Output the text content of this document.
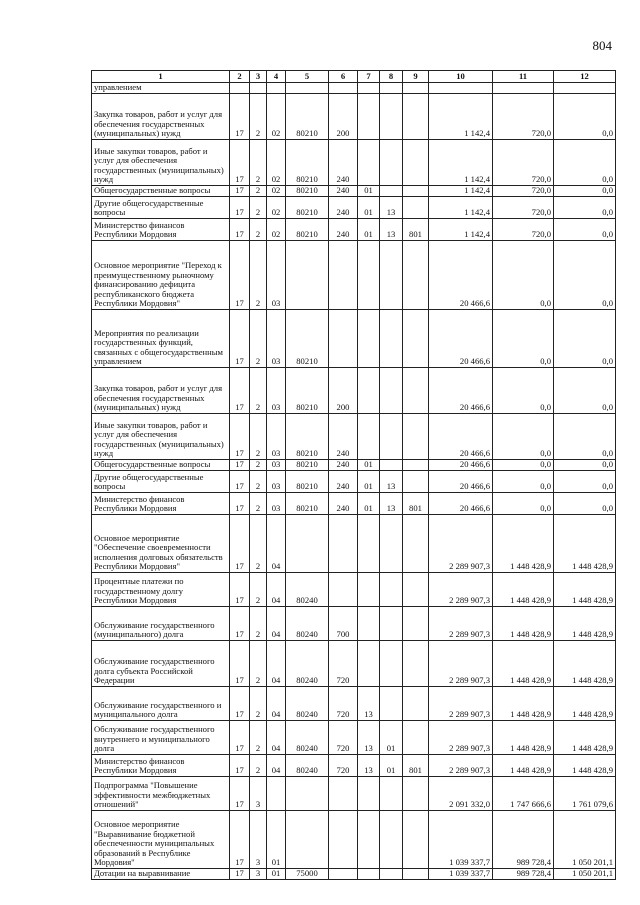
804
1	2	3	4	5	6	7	8	9	10	11	12
управлением											
Закупка товаров, работ и услуг для обеспечения государственных (муниципальных) нужд	17	2	02	80210	200				1 142,4	720,0	0,0
Иные закупки товаров, работ и услуг для обеспечения государственных (муниципальных) нужд	17	2	02	80210	240				1 142,4	720,0	0,0
Общегосударственные вопросы	17	2	02	80210	240	01			1 142,4	720,0	0,0
Другие общегосударственные вопросы	17	2	02	80210	240	01	13		1 142,4	720,0	0,0
Министерство финансов Республики Мордовия	17	2	02	80210	240	01	13	801	1 142,4	720,0	0,0
Основное мероприятие "Переход к преимущественному рыночному финансированию дефицита республиканского бюджета Республики Мордовия"	17	2	03						20 466,6	0,0	0,0
Мероприятия по реализации государственных функций, связанных с общегосударственным управлением	17	2	03	80210					20 466,6	0,0	0,0
Закупка товаров, работ и услуг для обеспечения государственных (муниципальных) нужд	17	2	03	80210	200				20 466,6	0,0	0,0
Иные закупки товаров, работ и услуг для обеспечения государственных (муниципальных) нужд	17	2	03	80210	240				20 466,6	0,0	0,0
Общегосударственные вопросы	17	2	03	80210	240	01			20 466,6	0,0	0,0
Другие общегосударственные вопросы	17	2	03	80210	240	01	13		20 466,6	0,0	0,0
Министерство финансов Республики Мордовия	17	2	03	80210	240	01	13	801	20 466,6	0,0	0,0
Основное мероприятие "Обеспечение своевременности исполнения долговых обязательств Республики Мордовия"	17	2	04						2 289 907,3	1 448 428,9	1 448 428,9
Процентные платежи по государственному долгу Республики Мордовия	17	2	04	80240					2 289 907,3	1 448 428,9	1 448 428,9
Обслуживание государственного (муниципального) долга	17	2	04	80240	700				2 289 907,3	1 448 428,9	1 448 428,9
Обслуживание государственного долга субъекта Российской Федерации	17	2	04	80240	720				2 289 907,3	1 448 428,9	1 448 428,9
Обслуживание государственного и муниципального долга	17	2	04	80240	720	13			2 289 907,3	1 448 428,9	1 448 428,9
Обслуживание государственного внутреннего и муниципального долга	17	2	04	80240	720	13	01		2 289 907,3	1 448 428,9	1 448 428,9
Министерство финансов Республики Мордовия	17	2	04	80240	720	13	01	801	2 289 907,3	1 448 428,9	1 448 428,9
Подпрограмма "Повышение эффективности межбюджетных отношений"	17	3							2 091 332,0	1 747 666,6	1 761 079,6
Основное мероприятие "Выравнивание бюджетной обеспеченности муниципальных образований в Республике Мордовия"	17	3	01						1 039 337,7	989 728,4	1 050 201,1
Дотации на выравнивание	17	3	01	75000					1 039 337,7	989 728,4	1 050 201,1
